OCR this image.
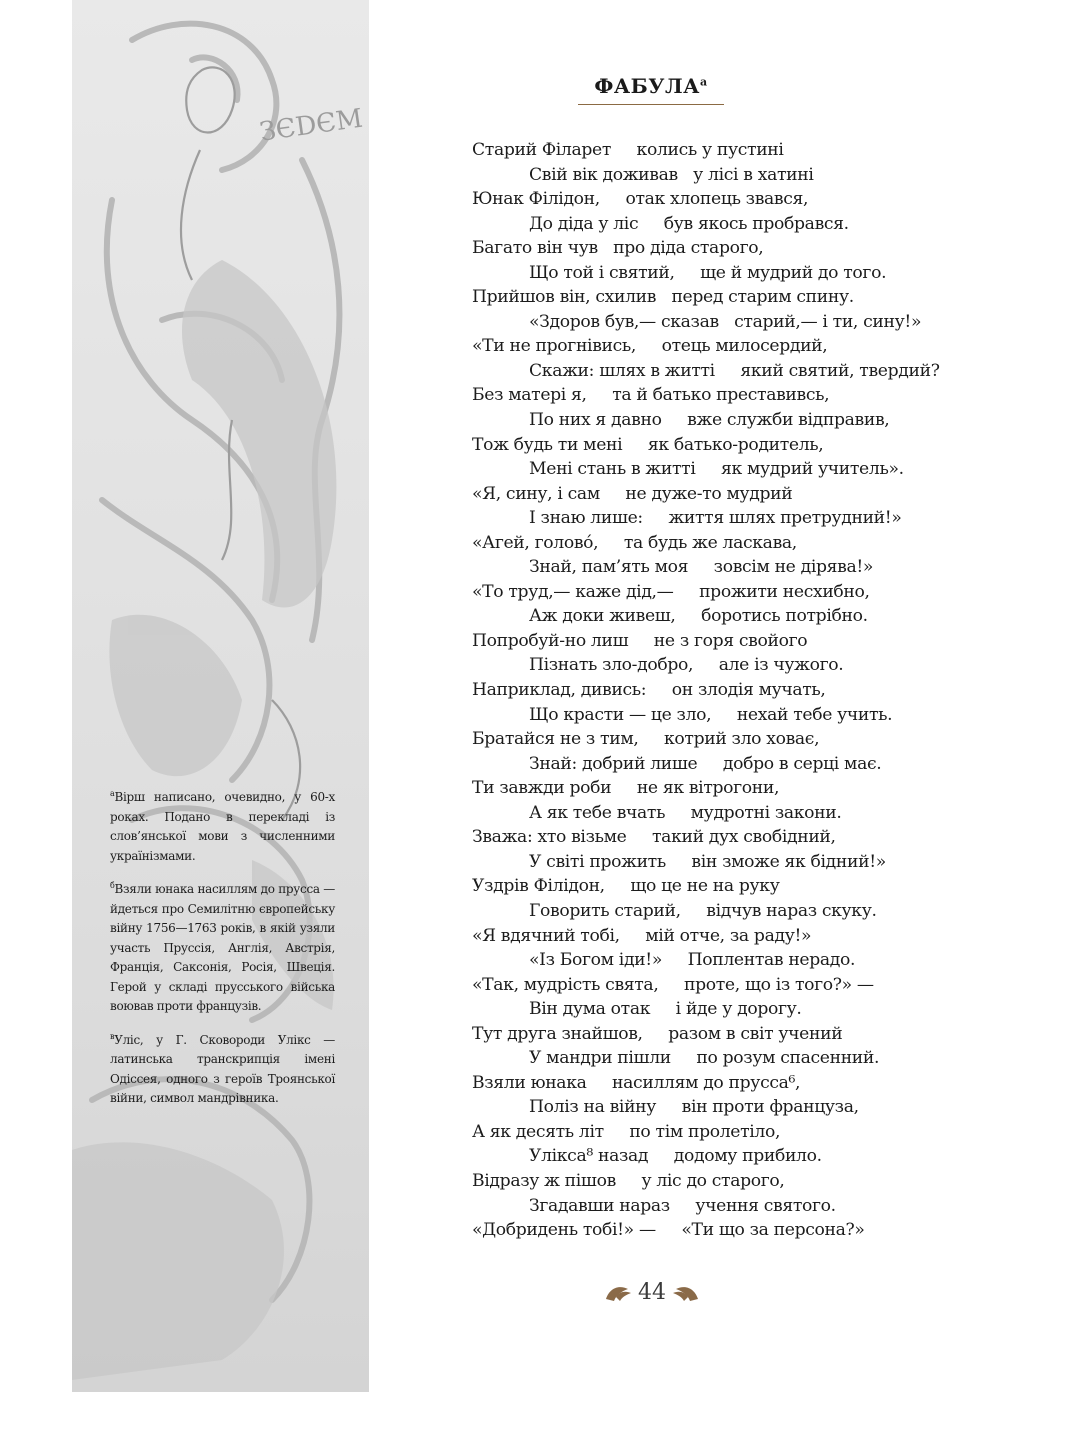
ЗЄDЄM

$^а$Вірш написано, очевидно, у 60-х роках. Подано в перекладі із слов’янської мови з численними українізмами.

$^б$Взяли юнака насиллям до прусса — йдеться про Семилітню європейську війну 1756—1763 років, в якій узяли участь Пруссія, Англія, Австрія, Франція, Саксонія, Росія, Швеція. Герой у складі прусського війська воював проти французів.

$^в$Уліс, у Г. Сковороди Улікс — латинська транскрипція імені Одіссея, одного з героїв Троянської війни, символ мандрівника.

$ФАБУЛА^а$
Старий Філарет     колись у пустині
Свій вік доживав   у лісі в хатині
Юнак Філідон,     отак хлопець звався,
До діда у ліс     був якось пробрався.
Багато він чув   про діда старого,
Що той і святий,     ще й мудрий до того.
Прийшов він, схилив   перед старим спину.
«Здоров був,— сказав   старий,— і ти, сину!»
«Ти не прогнівись,     отець милосердий,
Скажи: шлях в житті     який святий, твердий?
Без матері я,     та й батько преставивсь,
По них я давно     вже служби відправив,
Тож будь ти мені     як батько-родитель,
Мені стань в житті     як мудрий учитель».
«Я, сину, і сам     не дуже-то мудрий
І знаю лише:     життя шлях претрудний!»
«Агей, голово́,     та будь же ласкава,
Знай, пам’ять моя     зовсім не дірява!»
«То труд,— каже дід,—     прожити несхибно,
Аж доки живеш,     боротись потрібно.
Попробуй-но лиш     не з горя свойого
Пізнать зло-добро,     але із чужого.
Наприклад, дивись:     он злодія мучать,
Що красти — це зло,     нехай тебе учить.
Братайся не з тим,     котрий зло ховає,
Знай: добрий лише     добро в серці має.
Ти завжди роби     не як вітрогони,
А як тебе вчать     мудротні закони.
Зважа: хто візьме     такий дух свобідний,
У світі прожить     він зможе як бідний!»
Уздрів Філідон,     що це не на руку
Говорить старий,     відчув нараз скуку.
«Я вдячний тобі,     мій отче, за раду!»
«Із Богом іди!»     Поплентав нерадо.
«Так, мудрість свята,     проте, що із того?» —
Він дума отак     і йде у дорогу.
Тут друга знайшов,     разом в світ учений
У мандри пішли     по розум спасенний.
Взяли юнака     насиллям до прусса⁶,
Поліз на війну     він проти француза,
А як десять літ     по тім пролетіло,
Улікса⁸ назад     додому прибило.
Відразу ж пішов     у ліс до старого,
Згадавши нараз     учення святого.
«Добридень тобі!» —     «Ти що за персона?»
44
